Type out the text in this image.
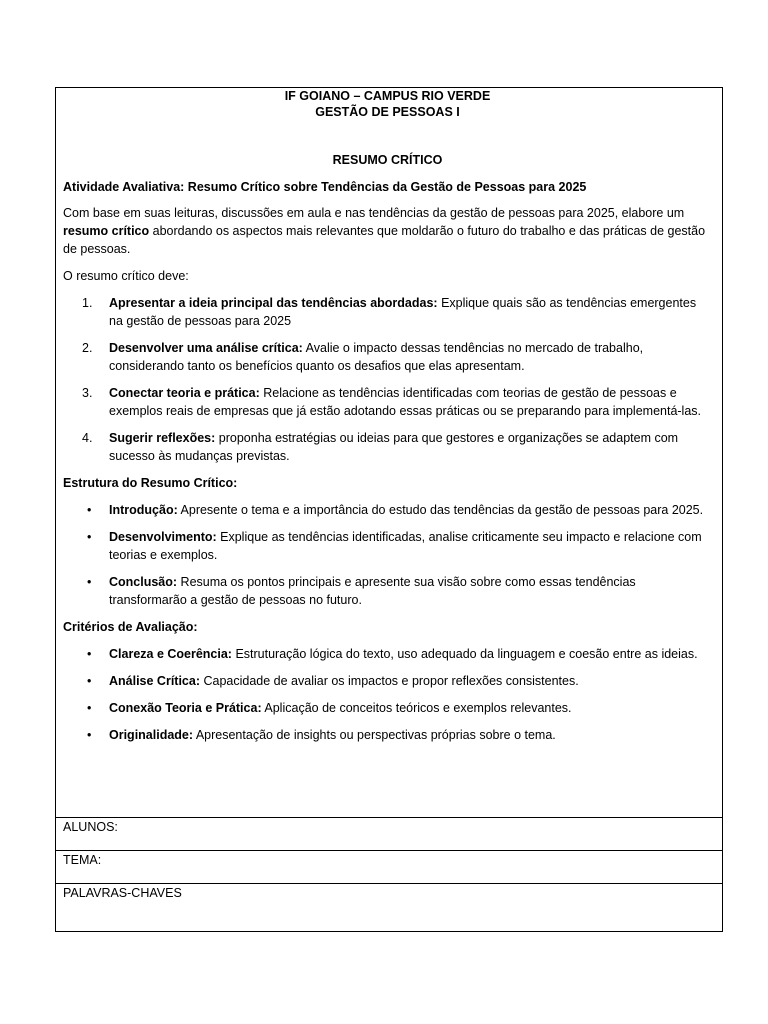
IF GOIANO – CAMPUS RIO VERDE
GESTÃO DE PESSOAS I
RESUMO CRÍTICO

Atividade Avaliativa: Resumo Crítico sobre Tendências da Gestão de Pessoas para 2025

Com base em suas leituras, discussões em aula e nas tendências da gestão de pessoas para 2025, elabore um resumo crítico abordando os aspectos mais relevantes que moldarão o futuro do trabalho e das práticas de gestão de pessoas.

O resumo crítico deve:

1.	Apresentar a ideia principal das tendências abordadas: Explique quais são as tendências emergentes na gestão de pessoas para 2025
2.	Desenvolver uma análise crítica: Avalie o impacto dessas tendências no mercado de trabalho, considerando tanto os benefícios quanto os desafios que elas apresentam.
3.	Conectar teoria e prática: Relacione as tendências identificadas com teorias de gestão de pessoas e exemplos reais de empresas que já estão adotando essas práticas ou se preparando para implementá-las.
4.	Sugerir reflexões: proponha estratégias ou ideias para que gestores e organizações se adaptem com sucesso às mudanças previstas.

Estrutura do Resumo Crítico:

• Introdução: Apresente o tema e a importância do estudo das tendências da gestão de pessoas para 2025.
• Desenvolvimento: Explique as tendências identificadas, analise criticamente seu impacto e relacione com teorias e exemplos.
• Conclusão: Resuma os pontos principais e apresente sua visão sobre como essas tendências transformarão a gestão de pessoas no futuro.

Critérios de Avaliação:

• Clareza e Coerência: Estruturação lógica do texto, uso adequado da linguagem e coesão entre as ideias.
• Análise Crítica: Capacidade de avaliar os impactos e propor reflexões consistentes.
• Conexão Teoria e Prática: Aplicação de conceitos teóricos e exemplos relevantes.
• Originalidade: Apresentação de insights ou perspectivas próprias sobre o tema.
ALUNOS:
TEMA:
PALAVRAS-CHAVES
